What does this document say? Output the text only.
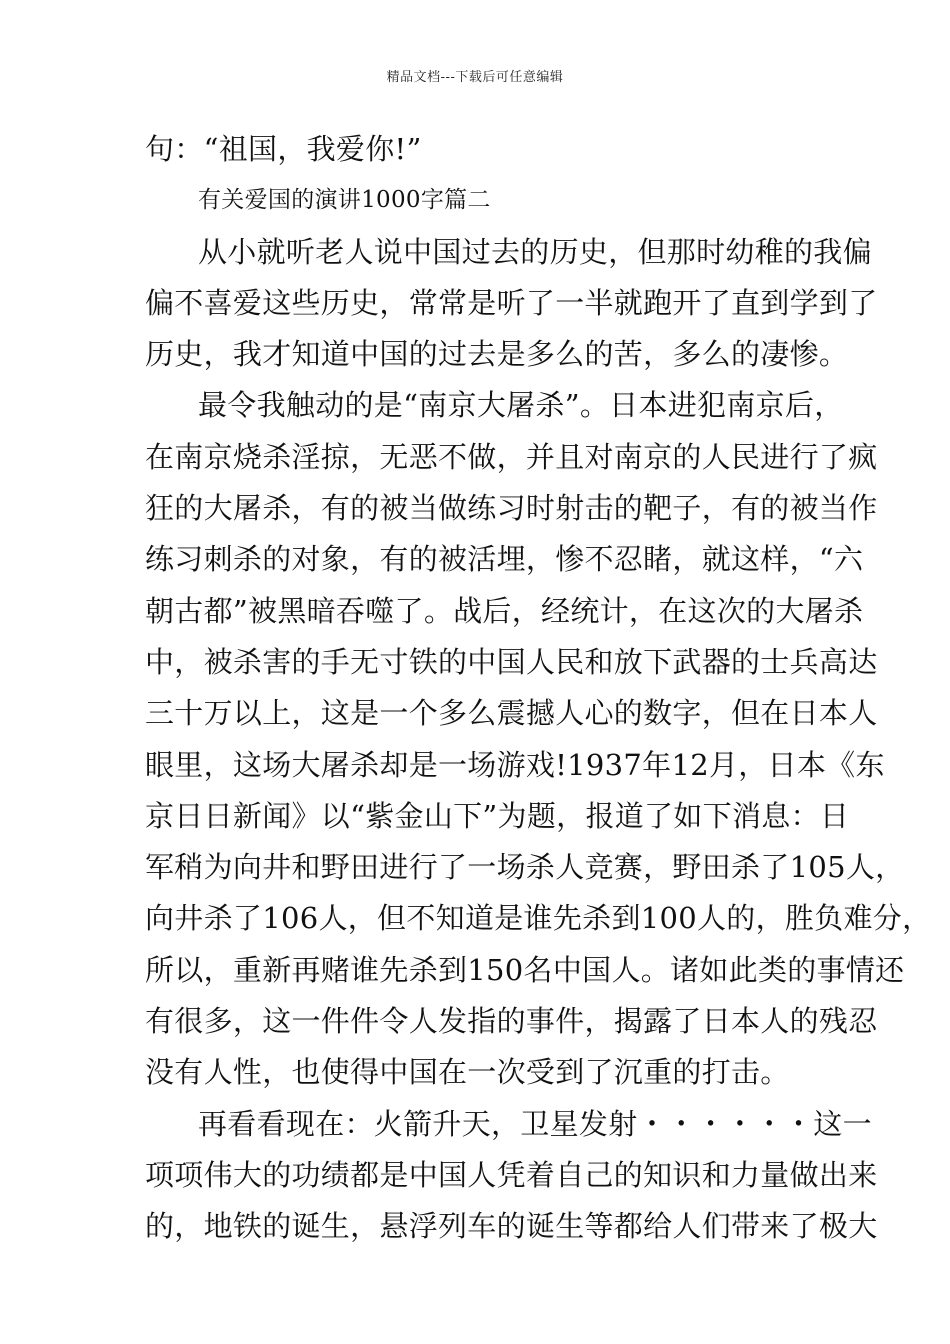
精品文档---下载后可任意编辑
句：“祖国，我爱你!”
有关爱国的演讲1000字篇二
从小就听老人说中国过去的历史，但那时幼稚的我偏
偏不喜爱这些历史，常常是听了一半就跑开了直到学到了
历史，我才知道中国的过去是多么的苦，多么的凄惨。
最令我触动的是“南京大屠杀”。日本进犯南京后，
在南京烧杀淫掠，无恶不做，并且对南京的人民进行了疯
狂的大屠杀，有的被当做练习时射击的靶子，有的被当作
练习刺杀的对象，有的被活埋，惨不忍睹，就这样，“六
朝古都”被黑暗吞噬了。战后，经统计，在这次的大屠杀
中，被杀害的手无寸铁的中国人民和放下武器的士兵高达
三十万以上，这是一个多么震撼人心的数字，但在日本人
眼里，这场大屠杀却是一场游戏!1937年12月，日本《东
京日日新闻》以“紫金山下”为题，报道了如下消息：日
军稍为向井和野田进行了一场杀人竞赛，野田杀了105人，
向井杀了106人，但不知道是谁先杀到100人的，胜负难分，
所以，重新再赌谁先杀到150名中国人。诸如此类的事情还
有很多，这一件件令人发指的事件，揭露了日本人的残忍
没有人性，也使得中国在一次受到了沉重的打击。
再看看现在：火箭升天，卫星发射・・・・・・这一
项项伟大的功绩都是中国人凭着自己的知识和力量做出来
的，地铁的诞生，悬浮列车的诞生等都给人们带来了极大
